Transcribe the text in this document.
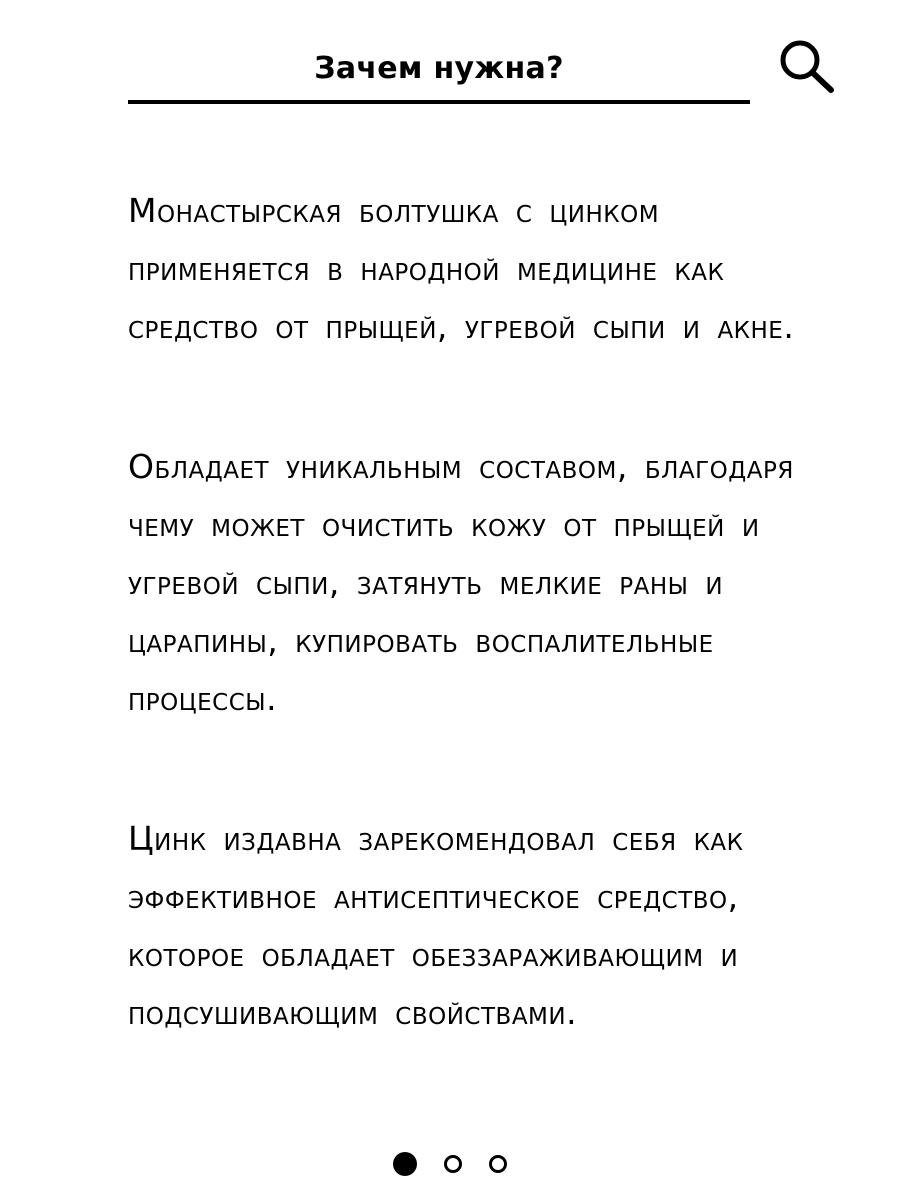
Зачем нужна?

Монастырская болтушка с цинком применяется в народной медицине как средство от прыщей, угревой сыпи и акне.

Обладает уникальным составом, благодаря чему может очистить кожу от прыщей и угревой сыпи, затянуть мелкие раны и царапины, купировать воспалительные процессы.

Цинк издавна зарекомендовал себя как эффективное антисептическое средство, которое обладает обеззараживающим и подсушивающим свойствами.
